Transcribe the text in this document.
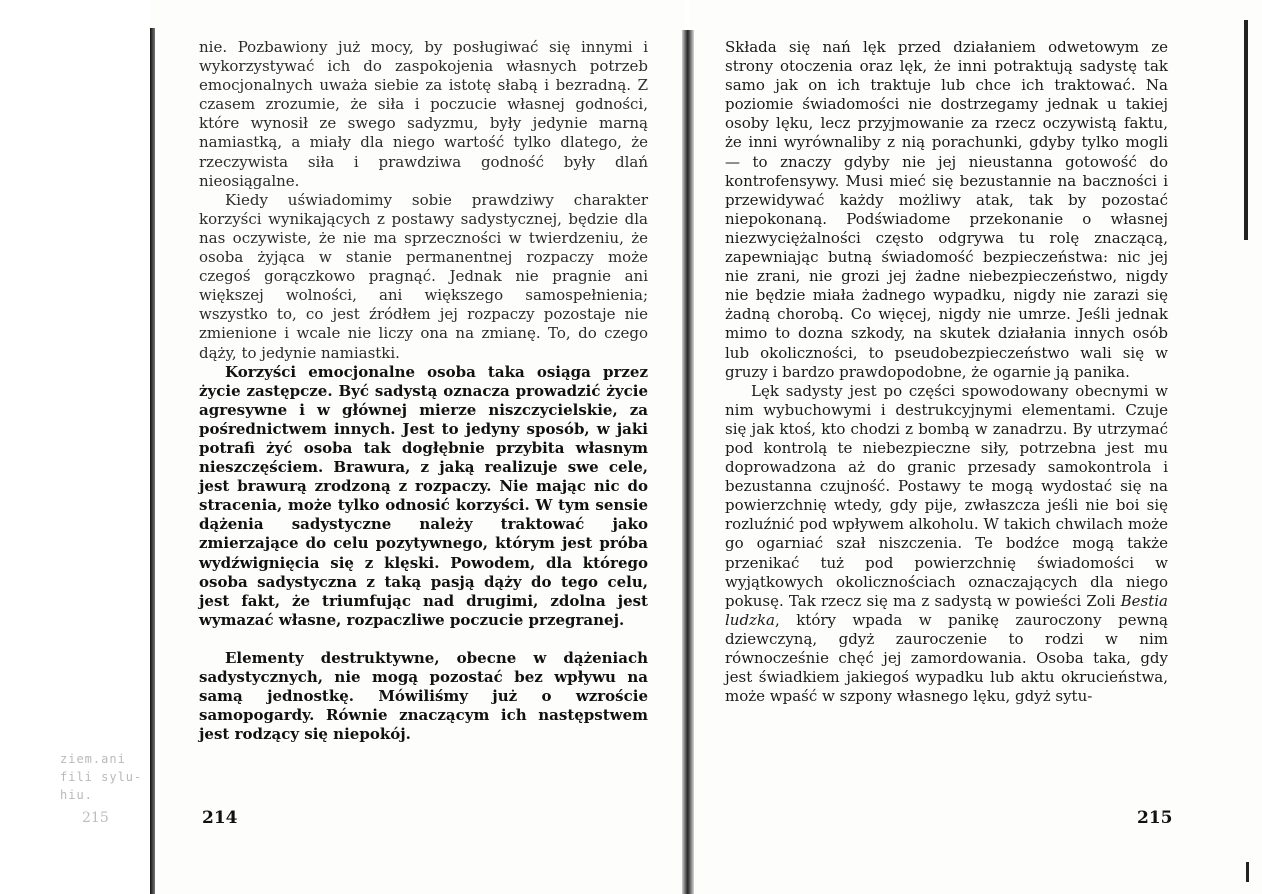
ziem.ani
fili sylu-
hiu.
215

nie. Pozbawiony już mocy, by posługiwać się innymi i wykorzystywać ich do zaspokojenia własnych potrzeb emocjonalnych uważa siebie za istotę słabą i bezradną. Z czasem zrozumie, że siła i poczucie własnej godności, które wynosił ze swego sadyzmu, były jedynie marną namiastką, a miały dla niego wartość tylko dlatego, że rzeczywista siła i prawdziwa godność były dlań nieosiągalne.

Kiedy uświadomimy sobie prawdziwy charakter korzyści wynikających z postawy sadystycznej, będzie dla nas oczywiste, że nie ma sprzeczności w twierdzeniu, że osoba żyjąca w stanie permanentnej rozpaczy może czegoś gorączkowo pragnąć. Jednak nie pragnie ani większej wolności, ani większego samospełnienia; wszystko to, co jest źródłem jej rozpaczy pozostaje nie zmienione i wcale nie liczy ona na zmianę. To, do czego dąży, to jedynie namiastki.

Korzyści emocjonalne osoba taka osiąga przez życie zastępcze. Być sadystą oznacza prowadzić życie agresywne i w głównej mierze niszczycielskie, za pośrednictwem innych. Jest to jedyny sposób, w jaki potrafi żyć osoba tak dogłębnie przybita własnym nieszczęściem. Brawura, z jaką realizuje swe cele, jest brawurą zrodzoną z rozpaczy. Nie mając nic do stracenia, może tylko odnosić korzyści. W tym sensie dążenia sadystyczne należy traktować jako zmierzające do celu pozytywnego, którym jest próba wydźwignięcia się z klęski. Powodem, dla którego osoba sadystyczna z taką pasją dąży do tego celu, jest fakt, że triumfując nad drugimi, zdolna jest wymazać własne, rozpaczliwe poczucie przegranej.

Elementy destruktywne, obecne w dążeniach sadystycznych, nie mogą pozostać bez wpływu na samą jednostkę. Mówiliśmy już o wzroście samopogardy. Równie znaczącym ich następstwem jest rodzący się niepokój.

Składa się nań lęk przed działaniem odwetowym ze strony otoczenia oraz lęk, że inni potraktują sadystę tak samo jak on ich traktuje lub chce ich traktować. Na poziomie świadomości nie dostrzegamy jednak u takiej osoby lęku, lecz przyjmowanie za rzecz oczywistą faktu, że inni wyrównaliby z nią porachunki, gdyby tylko mogli — to znaczy gdyby nie jej nieustanna gotowość do kontrofensywy. Musi mieć się bezustannie na baczności i przewidywać każdy możliwy atak, tak by pozostać niepokonaną. Podświadome przekonanie o własnej niezwyciężalności często odgrywa tu rolę znaczącą, zapewniając butną świadomość bezpieczeństwa: nic jej nie zrani, nie grozi jej żadne niebezpieczeństwo, nigdy nie będzie miała żadnego wypadku, nigdy nie zarazi się żadną chorobą. Co więcej, nigdy nie umrze. Jeśli jednak mimo to dozna szkody, na skutek działania innych osób lub okoliczności, to pseudobezpieczeństwo wali się w gruzy i bardzo prawdopodobne, że ogarnie ją panika.

Lęk sadysty jest po części spowodowany obecnymi w nim wybuchowymi i destrukcyjnymi elementami. Czuje się jak ktoś, kto chodzi z bombą w zanadrzu. By utrzymać pod kontrolą te niebezpieczne siły, potrzebna jest mu doprowadzona aż do granic przesady samokontrola i bezustanna czujność. Postawy te mogą wydostać się na powierzchnię wtedy, gdy pije, zwłaszcza jeśli nie boi się rozluźnić pod wpływem alkoholu. W takich chwilach może go ogarniać szał niszczenia. Te bodźce mogą także przenikać tuż pod powierzchnię świadomości w wyjątkowych okolicznościach oznaczających dla niego pokusę. Tak rzecz się ma z sadystą w powieści Zoli Bestia ludzka, który wpada w panikę zauroczony pewną dziewczyną, gdyż zauroczenie to rodzi w nim równocześnie chęć jej zamordowania. Osoba taka, gdy jest świadkiem jakiegoś wypadku lub aktu okrucieństwa, może wpaść w szpony własnego lęku, gdyż sytu-

214	215
